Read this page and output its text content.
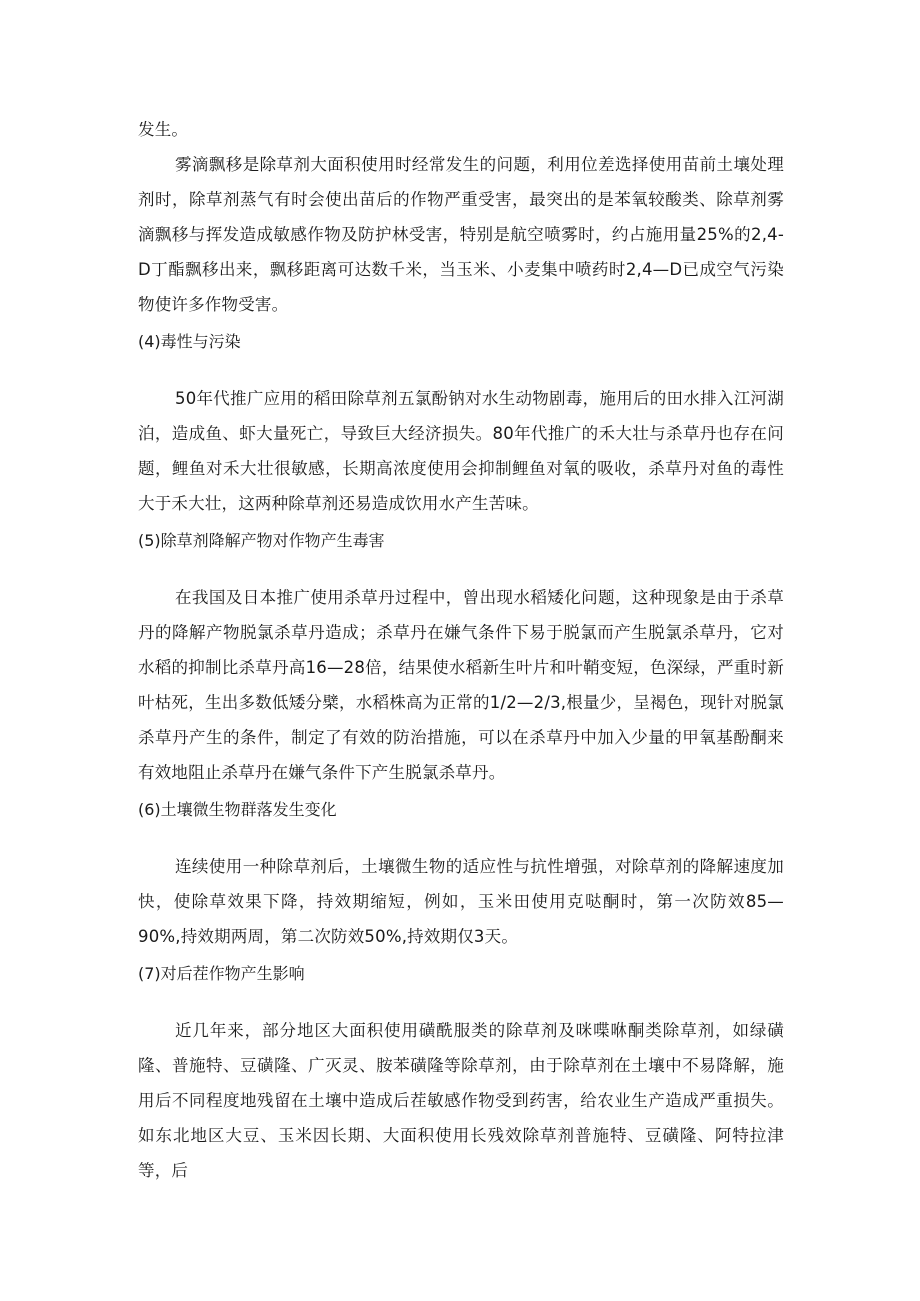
发生。

雾滴飘移是除草剂大面积使用时经常发生的问题，利用位差选择使用苗前土壤处理剂时，除草剂蒸气有时会使出苗后的作物严重受害，最突出的是苯氧较酸类、除草剂雾滴飘移与挥发造成敏感作物及防护林受害，特别是航空喷雾时，约占施用量25%的2,4-D丁酯飘移出来，飘移距离可达数千米，当玉米、小麦集中喷药时2,4—D已成空气污染物使许多作物受害。

(4)毒性与污染

50年代推广应用的稻田除草剂五氯酚钠对水生动物剧毒，施用后的田水排入江河湖泊，造成鱼、虾大量死亡，导致巨大经济损失。80年代推广的禾大壮与杀草丹也存在问题，鲤鱼对禾大壮很敏感，长期高浓度使用会抑制鲤鱼对氧的吸收，杀草丹对鱼的毒性大于禾大壮，这两种除草剂还易造成饮用水产生苦味。

(5)除草剂降解产物对作物产生毒害

在我国及日本推广使用杀草丹过程中，曾出现水稻矮化问题，这种现象是由于杀草丹的降解产物脱氯杀草丹造成；杀草丹在嫌气条件下易于脱氯而产生脱氯杀草丹，它对水稻的抑制比杀草丹高16—28倍，结果使水稻新生叶片和叶鞘变短，色深绿，严重时新叶枯死，生出多数低矮分檗，水稻株高为正常的1/2—2/3,根量少，呈褐色，现针对脱氯杀草丹产生的条件，制定了有效的防治措施，可以在杀草丹中加入少量的甲氧基酚酮来有效地阻止杀草丹在嫌气条件下产生脱氯杀草丹。

(6)土壤微生物群落发生变化

连续使用一种除草剂后，土壤微生物的适应性与抗性增强，对除草剂的降解速度加快，使除草效果下降，持效期缩短，例如，玉米田使用克哒酮时，第一次防效85—90%,持效期两周，第二次防效50%,持效期仅3天。

(7)对后茬作物产生影响

近几年来，部分地区大面积使用磺酰服类的除草剂及咪喋咻酮类除草剂，如绿磺隆、普施特、豆磺隆、广灭灵、胺苯磺隆等除草剂，由于除草剂在土壤中不易降解，施用后不同程度地残留在土壤中造成后茬敏感作物受到药害，给农业生产造成严重损失。如东北地区大豆、玉米因长期、大面积使用长残效除草剂普施特、豆磺隆、阿特拉津等，后
